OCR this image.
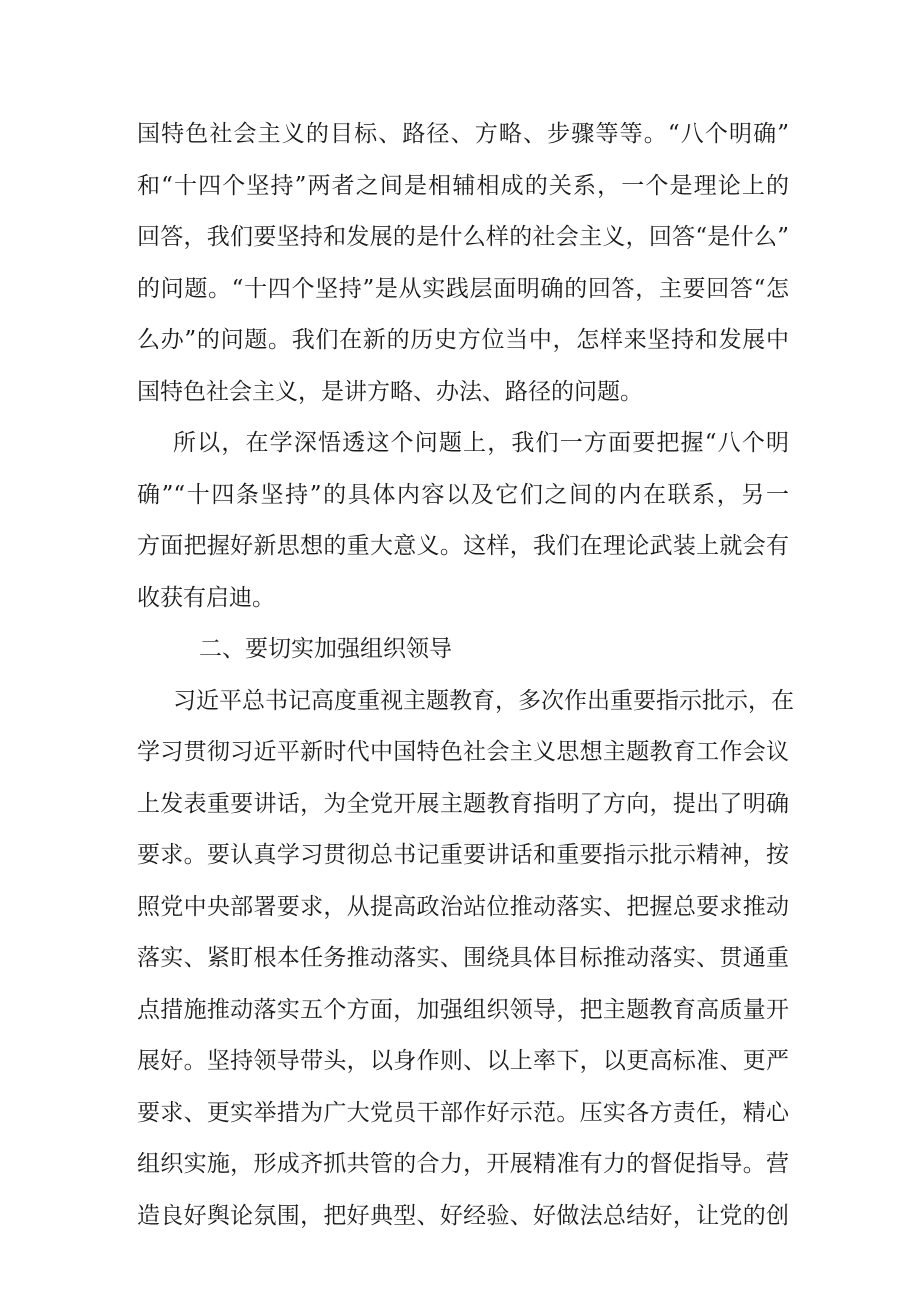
国特色社会主义的目标、路径、方略、步骤等等。“八个明确”
和“十四个坚持”两者之间是相辅相成的关系，一个是理论上的
回答，我们要坚持和发展的是什么样的社会主义，回答“是什么”
的问题。“十四个坚持”是从实践层面明确的回答，主要回答“怎
么办”的问题。我们在新的历史方位当中，怎样来坚持和发展中
国特色社会主义，是讲方略、办法、路径的问题。
所以，在学深悟透这个问题上，我们一方面要把握“八个明
确”“十四条坚持”的具体内容以及它们之间的内在联系，另一
方面把握好新思想的重大意义。这样，我们在理论武装上就会有
收获有启迪。
二、要切实加强组织领导
习近平总书记高度重视主题教育，多次作出重要指示批示，在
学习贯彻习近平新时代中国特色社会主义思想主题教育工作会议
上发表重要讲话，为全党开展主题教育指明了方向，提出了明确
要求。要认真学习贯彻总书记重要讲话和重要指示批示精神，按
照党中央部署要求，从提高政治站位推动落实、把握总要求推动
落实、紧盯根本任务推动落实、围绕具体目标推动落实、贯通重
点措施推动落实五个方面，加强组织领导，把主题教育高质量开
展好。坚持领导带头，以身作则、以上率下，以更高标准、更严
要求、更实举措为广大党员干部作好示范。压实各方责任，精心
组织实施，形成齐抓共管的合力，开展精准有力的督促指导。营
造良好舆论氛围，把好典型、好经验、好做法总结好，让党的创
